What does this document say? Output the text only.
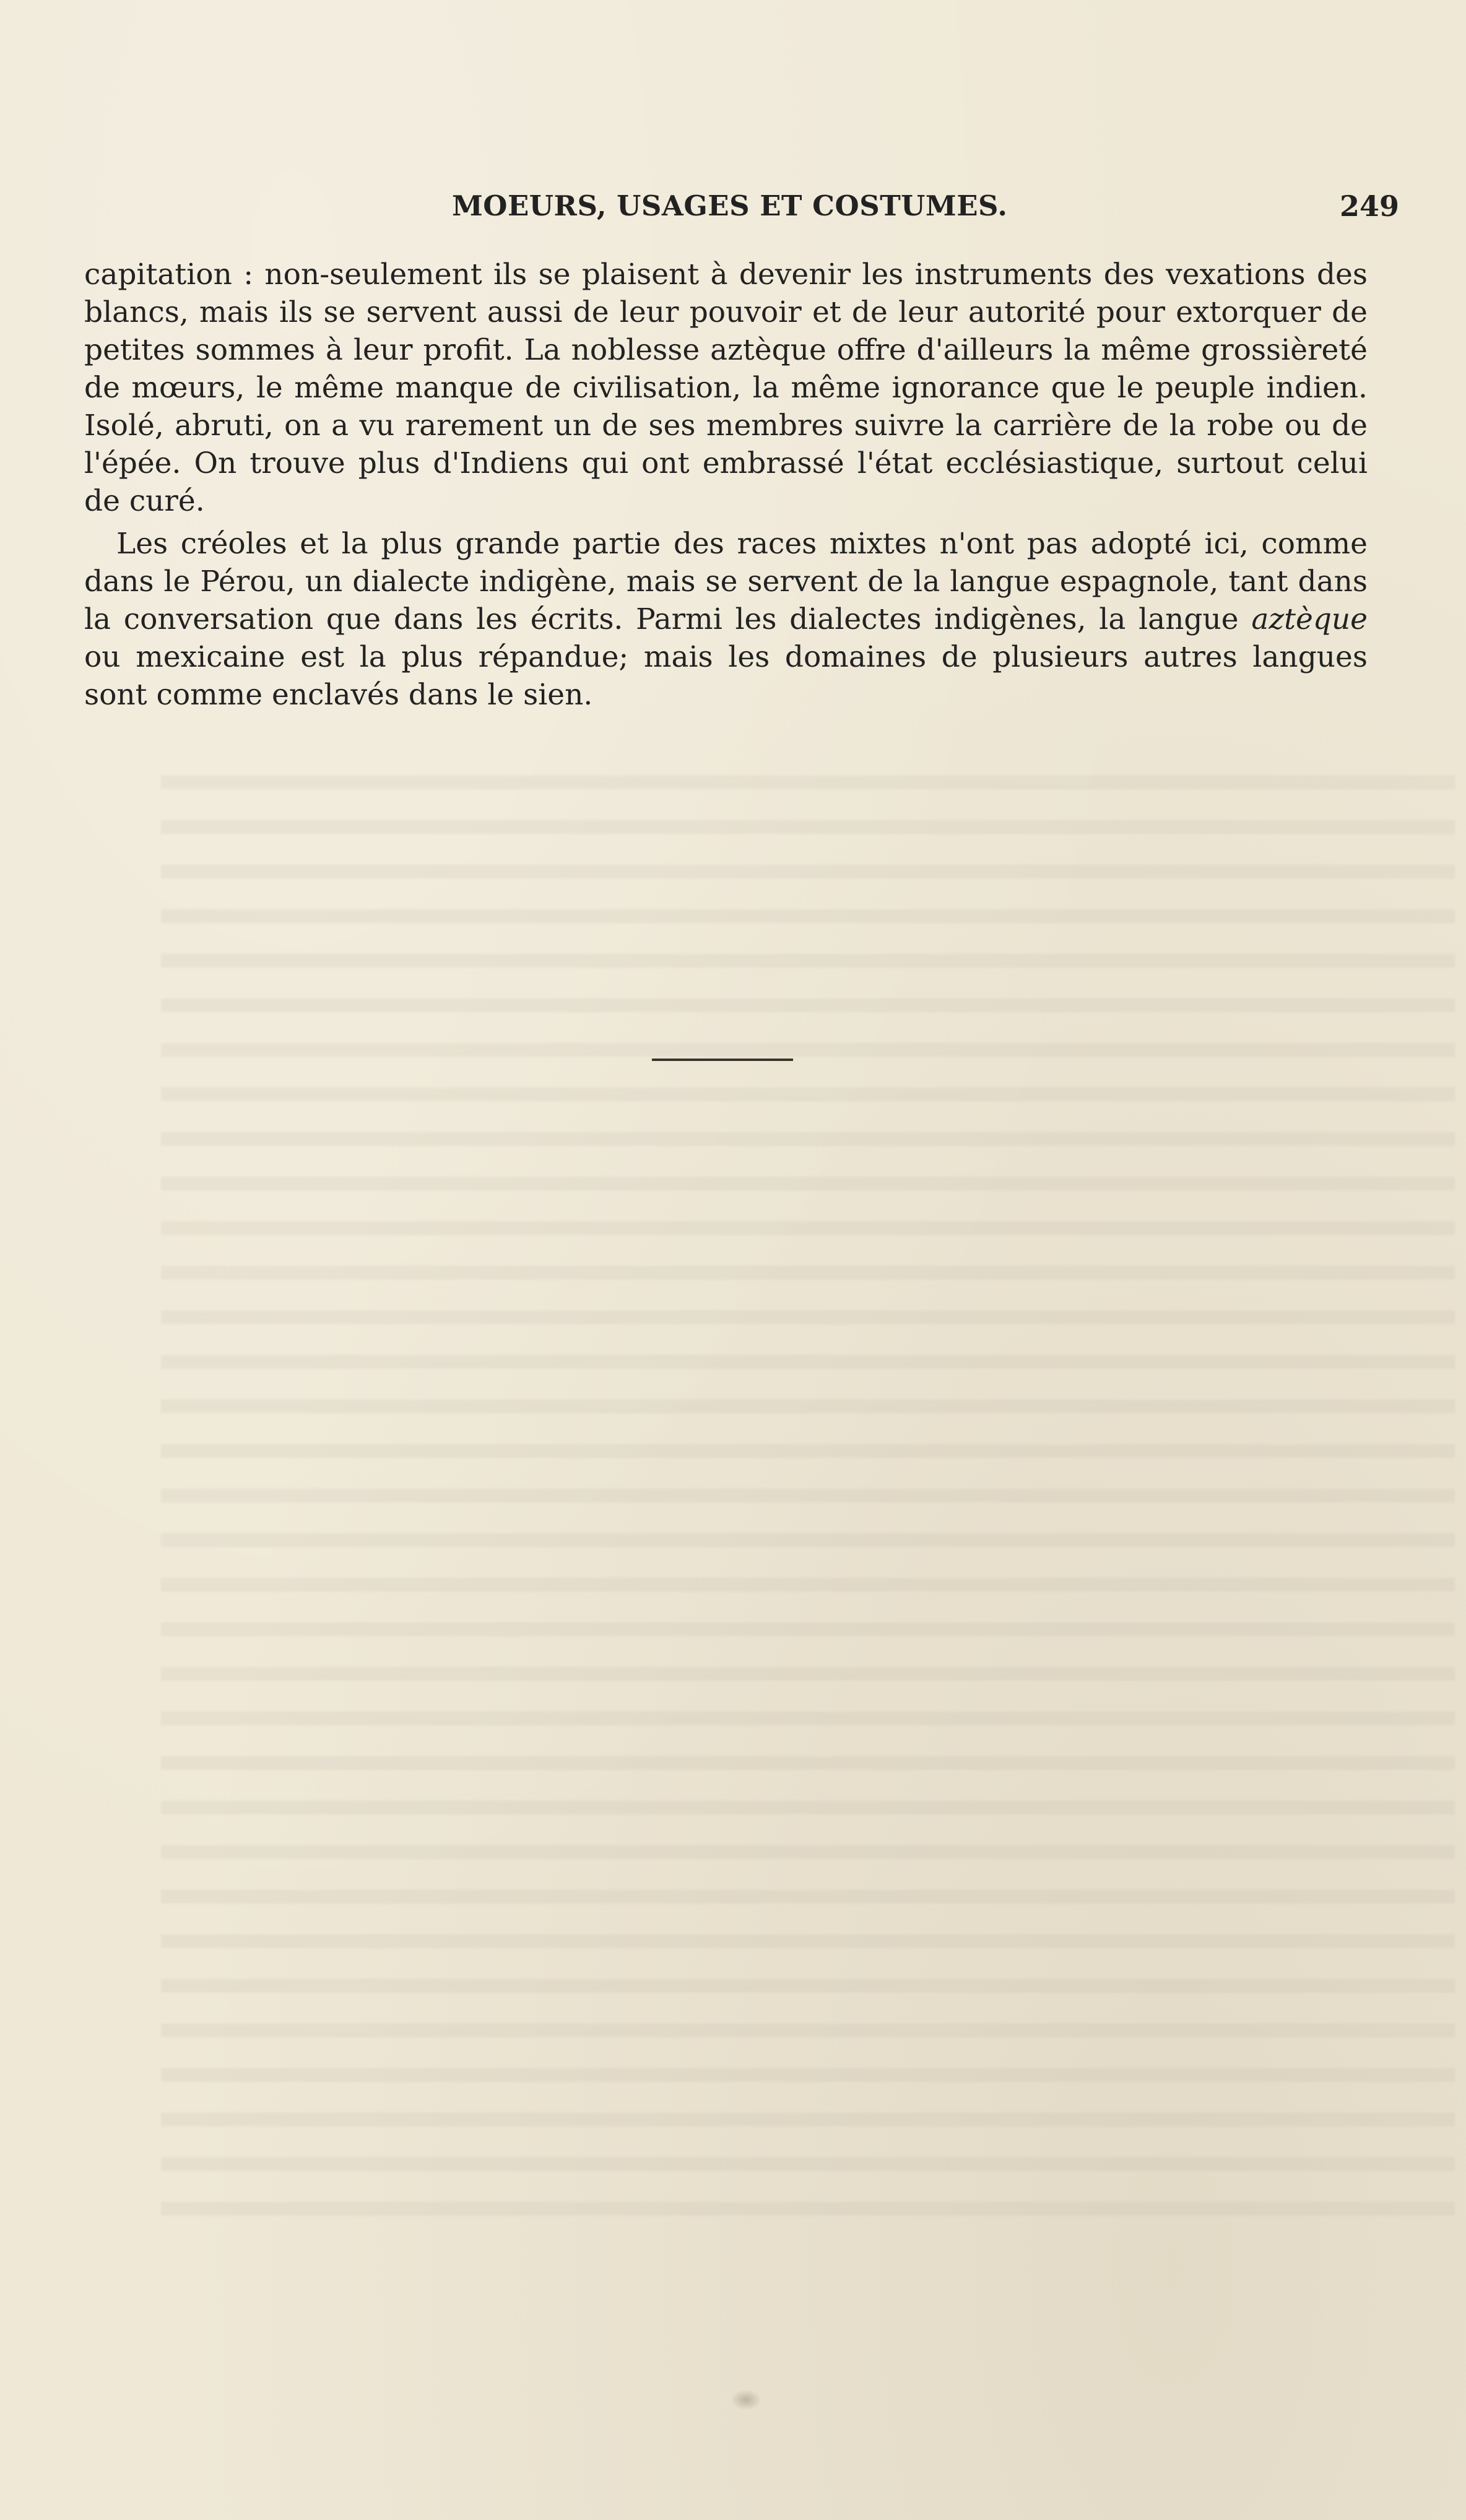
MOEURS, USAGES ET COSTUMES.	249

capitation : non-seulement ils se plaisent à devenir les instruments des vexations des blancs, mais ils se servent aussi de leur pouvoir et de leur autorité pour extorquer de petites sommes à leur profit. La noblesse aztèque offre d'ailleurs la même grossièreté de mœurs, le même manque de civilisation, la même ignorance que le peuple indien. Isolé, abruti, on a vu rarement un de ses membres suivre la carrière de la robe ou de l'épée. On trouve plus d'Indiens qui ont embrassé l'état ecclésiastique, surtout celui de curé.

Les créoles et la plus grande partie des races mixtes n'ont pas adopté ici, comme dans le Pérou, un dialecte indigène, mais se servent de la langue espagnole, tant dans la conversation que dans les écrits. Parmi les dialectes indigènes, la langue aztèque ou mexicaine est la plus répandue; mais les domaines de plusieurs autres langues sont comme enclavés dans le sien.
